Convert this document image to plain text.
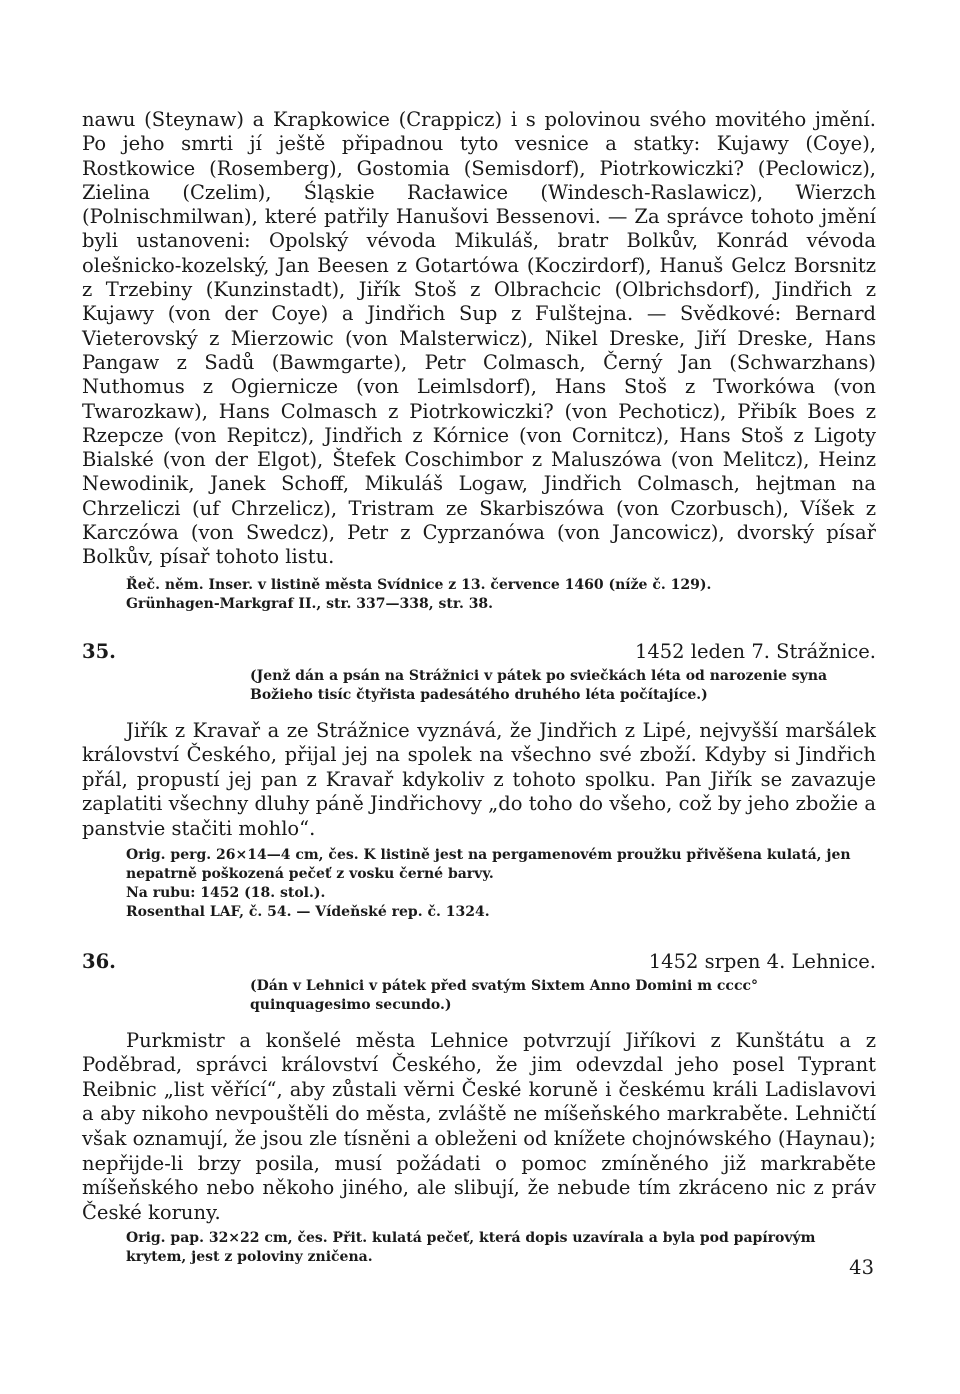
nawu (Steynaw) a Krapkowice (Crappicz) i s polovinou svého movitého jmění. Po jeho smrti jí ještě připadnou tyto vesnice a statky: Kujawy (Coye), Rostkowice (Rosemberg), Gostomia (Semisdorf), Piotrkowiczki? (Peclowicz), Zielina (Czelim), Śląskie Racławice (Windesch-Raslawicz), Wierzch (Polnischmilwan), které patřily Hanušovi Bessenovi. — Za správce tohoto jmění byli ustanoveni: Opolský vévoda Mikuláš, bratr Bolkův, Konrád vévoda olešnicko-kozelský, Jan Beesen z Gotartówa (Koczirdorf), Hanuš Gelcz Borsnitz z Trzebiny (Kunzinstadt), Jiřík Stoš z Olbrachcic (Olbrichsdorf), Jindřich z Kujawy (von der Coye) a Jindřich Sup z Fulštejna. — Svědkové: Bernard Vieterovský z Mierzowic (von Malsterwicz), Nikel Dreske, Jiří Dreske, Hans Pangaw z Sadů (Bawmgarte), Petr Colmasch, Černý Jan (Schwarzhans) Nuthomus z Ogiernicze (von Leimlsdorf), Hans Stoš z Tworkówa (von Twarozkaw), Hans Colmasch z Piotrkowiczki? (von Pechoticz), Přibík Boes z Rzepcze (von Repitcz), Jindřich z Kórnice (von Cornitcz), Hans Stoš z Ligoty Bialské (von der Elgot), Štefek Coschimbor z Maluszówa (von Melitcz), Heinz Newodinik, Janek Schoff, Mikuláš Logaw, Jindřich Colmasch, hejtman na Chrzeliczi (uf Chrzelicz), Tristram ze Skarbiszówa (von Czorbusch), Víšek z Karczówa (von Swedcz), Petr z Cyprzanówa (von Jancowicz), dvorský písař Bolkův, písař tohoto listu.

Řeč. něm. Inser. v listině města Svídnice z 13. července 1460 (níže č. 129).

Grünhagen-Markgraf II., str. 337—338, str. 38.

35.	1452 leden 7. Strážnice.

(Jenž dán a psán na Strážnici v pátek po sviečkách léta od narozenie syna Božieho tisíc čtyřista padesátého druhého léta počítajíce.)

Jiřík z Kravař a ze Strážnice vyznává, že Jindřich z Lipé, nejvyšší maršálek království Českého, přijal jej na spolek na všechno své zboží. Kdyby si Jindřich přál, propustí jej pan z Kravař kdykoliv z tohoto spolku. Pan Jiřík se zavazuje zaplatiti všechny dluhy páně Jindřichovy „do toho do všeho, což by jeho zbožie a panstvie stačiti mohlo“.

Orig. perg. 26×14—4 cm, čes. K listině jest na pergamenovém proužku přivěšena kulatá, jen nepatrně poškozená pečeť z vosku černé barvy.

Na rubu: 1452 (18. stol.).

Rosenthal LAF, č. 54. — Vídeňské rep. č. 1324.

36.	1452 srpen 4. Lehnice.

(Dán v Lehnici v pátek před svatým Sixtem Anno Domini m cccc° quinquagesimo secundo.)

Purkmistr a konšelé města Lehnice potvrzují Jiříkovi z Kunštátu a z Poděbrad, správci království Českého, že jim odevzdal jeho posel Typrant Reibnic „list věřící“, aby zůstali věrni České koruně i českému králi Ladislavovi a aby nikoho nevpouštěli do města, zvláště ne míšeňského markraběte. Lehničtí však oznamují, že jsou zle tísněni a obleženi od knížete chojnówského (Haynau); nepřijde-li brzy posila, musí požádati o pomoc zmíněného již markraběte míšeňského nebo někoho jiného, ale slibují, že nebude tím zkráceno nic z práv České koruny.

Orig. pap. 32×22 cm, čes. Přit. kulatá pečeť, která dopis uzavírala a byla pod papírovým krytem, jest z poloviny zničena.	43
